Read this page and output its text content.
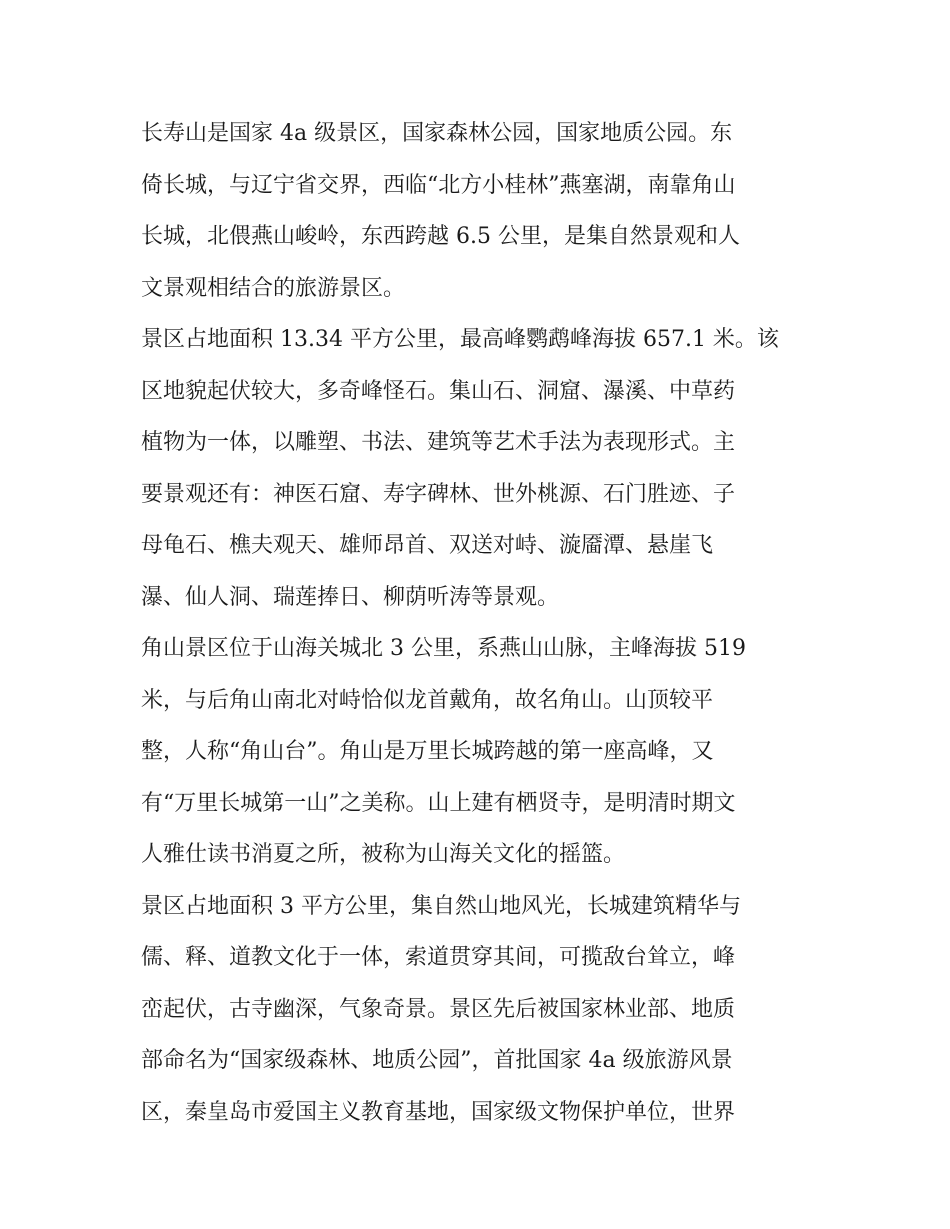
长寿山是国家 4a 级景区，国家森林公园，国家地质公园。东
倚长城，与辽宁省交界，西临“北方小桂林”燕塞湖，南靠角山
长城，北偎燕山峻岭，东西跨越 6.5 公里，是集自然景观和人
文景观相结合的旅游景区。
景区占地面积 13.34 平方公里，最高峰鹦鹉峰海拔 657.1 米。该
区地貌起伏较大，多奇峰怪石。集山石、洞窟、瀑溪、中草药
植物为一体，以雕塑、书法、建筑等艺术手法为表现形式。主
要景观还有：神医石窟、寿字碑林、世外桃源、石门胜迹、子
母龟石、樵夫观天、雄师昂首、双送对峙、漩靥潭、悬崖飞
瀑、仙人洞、瑞莲捧日、柳荫听涛等景观。
角山景区位于山海关城北 3 公里，系燕山山脉，主峰海拔 519
米，与后角山南北对峙恰似龙首戴角，故名角山。山顶较平
整，人称“角山台”。角山是万里长城跨越的第一座高峰，又
有“万里长城第一山”之美称。山上建有栖贤寺，是明清时期文
人雅仕读书消夏之所，被称为山海关文化的摇篮。
景区占地面积 3 平方公里，集自然山地风光，长城建筑精华与
儒、释、道教文化于一体，索道贯穿其间，可揽敌台耸立，峰
峦起伏，古寺幽深，气象奇景。景区先后被国家林业部、地质
部命名为“国家级森林、地质公园”，首批国家 4a 级旅游风景
区，秦皇岛市爱国主义教育基地，国家级文物保护单位，世界
